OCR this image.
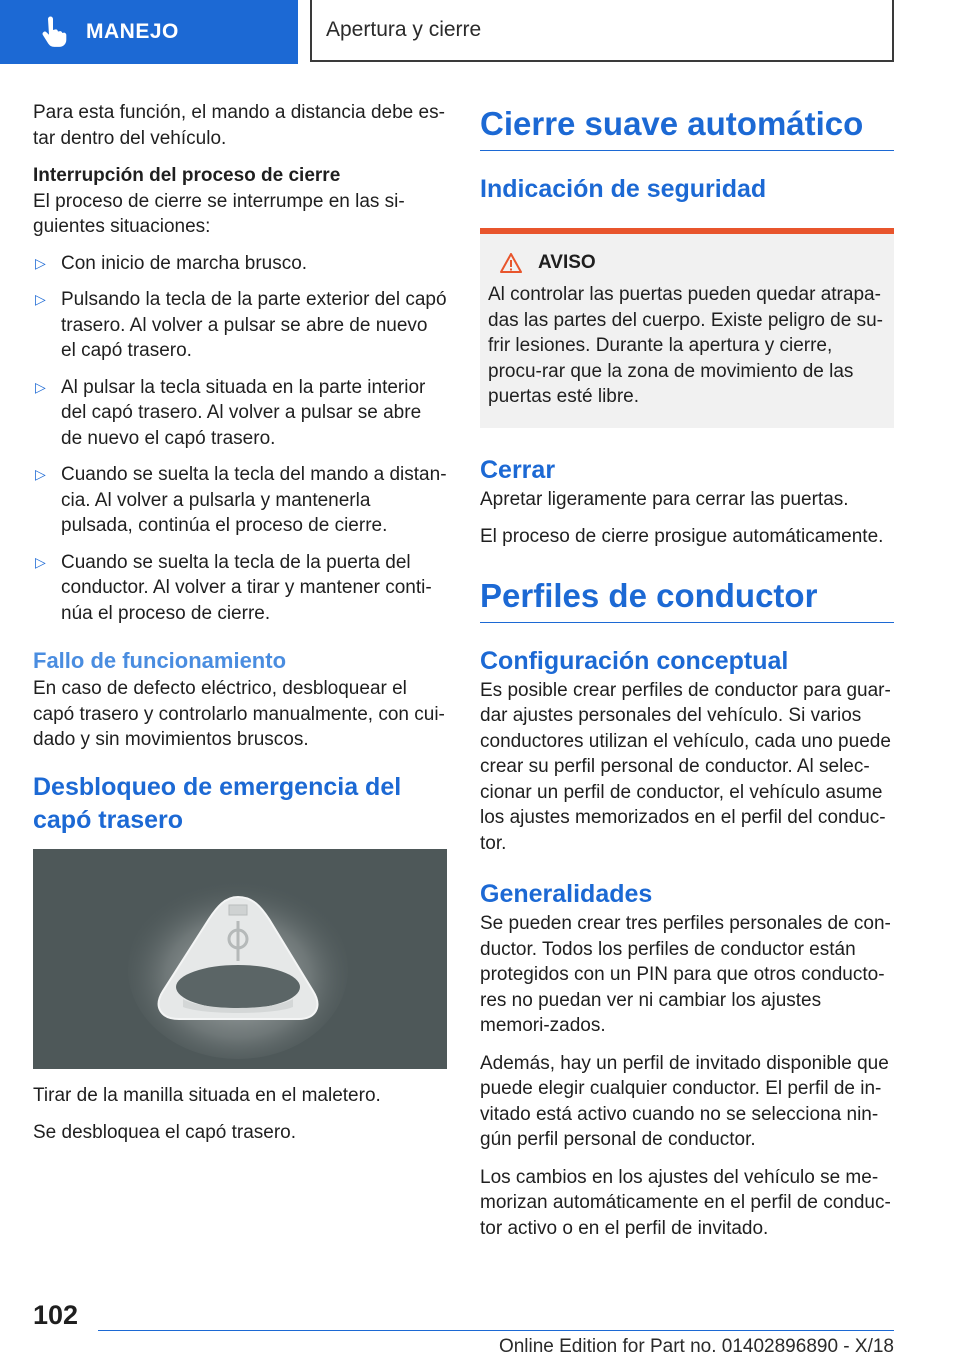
MANEJO	Apertura y cierre

Para esta función, el mando a distancia debe es‐tar dentro del vehículo.

Interrupción del proceso de cierre

El proceso de cierre se interrumpe en las si‐guientes situaciones:

▷ Con inicio de marcha brusco.
▷ Pulsando la tecla de la parte exterior del capó trasero. Al volver a pulsar se abre de nuevo el capó trasero.
▷ Al pulsar la tecla situada en la parte interior del capó trasero. Al volver a pulsar se abre de nuevo el capó trasero.
▷ Cuando se suelta la tecla del mando a distan‐cia. Al volver a pulsarla y mantenerla pulsada, continúa el proceso de cierre.
▷ Cuando se suelta la tecla de la puerta del conductor. Al volver a tirar y mantener conti‐núa el proceso de cierre.
Fallo de funcionamiento

En caso de defecto eléctrico, desbloquear el capó trasero y controlarlo manualmente, con cui‐dado y sin movimientos bruscos.

Desbloqueo de emergencia del capó trasero

Tirar de la manilla situada en el maletero.

Se desbloquea el capó trasero.

Cierre suave automático
Indicación de seguridad
AVISO

Al controlar las puertas pueden quedar atrapa‐das las partes del cuerpo. Existe peligro de su‐frir lesiones. Durante la apertura y cierre, procu‐rar que la zona de movimiento de las puertas esté libre.

Cerrar

Apretar ligeramente para cerrar las puertas.

El proceso de cierre prosigue automáticamente.

Perfiles de conductor
Configuración conceptual

Es posible crear perfiles de conductor para guar‐dar ajustes personales del vehículo. Si varios conductores utilizan el vehículo, cada uno puede crear su perfil personal de conductor. Al selec‐cionar un perfil de conductor, el vehículo asume los ajustes memorizados en el perfil del conduc‐tor.

Generalidades

Se pueden crear tres perfiles personales de con‐ductor. Todos los perfiles de conductor están protegidos con un PIN para que otros conducto‐res no puedan ver ni cambiar los ajustes memori‐zados.

Además, hay un perfil de invitado disponible que puede elegir cualquier conductor. El perfil de in‐vitado está activo cuando no se selecciona nin‐gún perfil personal de conductor.

Los cambios en los ajustes del vehículo se me‐morizan automáticamente en el perfil de conduc‐tor activo o en el perfil de invitado.

102
Online Edition for Part no. 01402896890 - X/18
